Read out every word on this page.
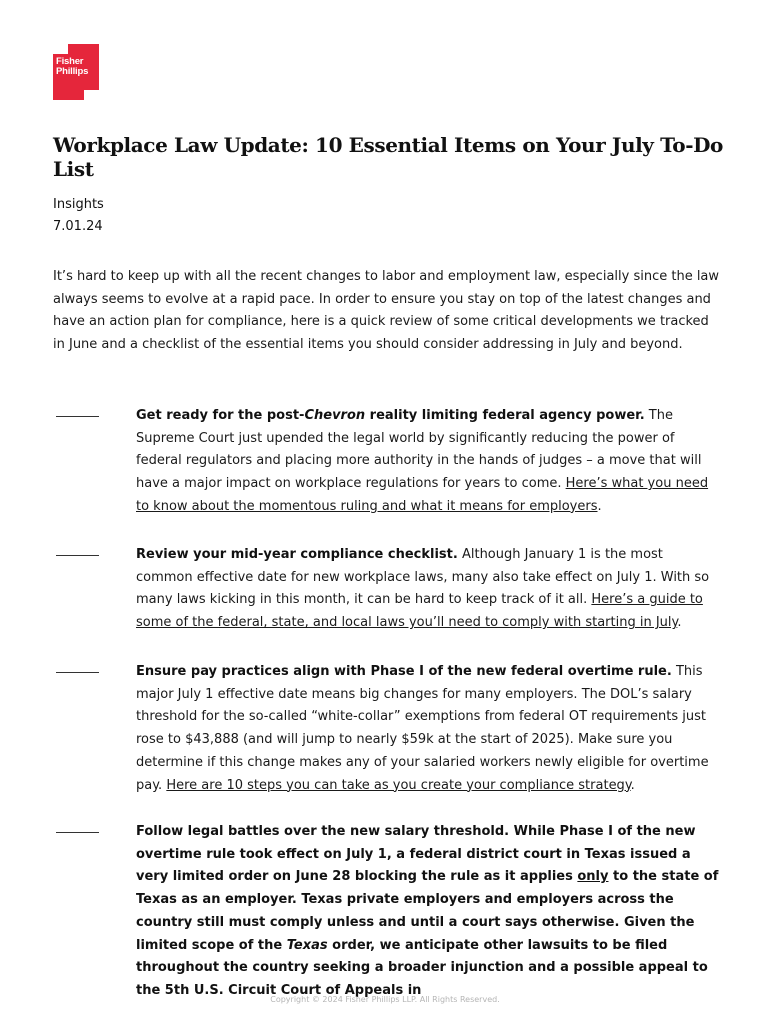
Fisher
Phillips
Workplace Law Update: 10 Essential Items on Your July To-Do List
Insights
7.01.24

It’s hard to keep up with all the recent changes to labor and employment law, especially since the law always seems to evolve at a rapid pace. In order to ensure you stay on top of the latest changes and have an action plan for compliance, here is a quick review of some critical developments we tracked in June and a checklist of the essential items you should consider addressing in July and beyond.

Get ready for the post-Chevron reality limiting federal agency power. The Supreme Court just upended the legal world by significantly reducing the power of federal regulators and placing more authority in the hands of judges – a move that will have a major impact on workplace regulations for years to come. Here’s what you need to know about the momentous ruling and what it means for employers.

Review your mid-year compliance checklist. Although January 1 is the most common effective date for new workplace laws, many also take effect on July 1. With so many laws kicking in this month, it can be hard to keep track of it all. Here’s a guide to some of the federal, state, and local laws you’ll need to comply with starting in July.

Ensure pay practices align with Phase I of the new federal overtime rule. This major July 1 effective date means big changes for many employers. The DOL’s salary threshold for the so-called “white-collar” exemptions from federal OT requirements just rose to $43,888 (and will jump to nearly $59k at the start of 2025). Make sure you determine if this change makes any of your salaried workers newly eligible for overtime pay. Here are 10 steps you can take as you create your compliance strategy.

Follow legal battles over the new salary threshold. While Phase I of the new overtime rule took effect on July 1, a federal district court in Texas issued a very limited order on June 28 blocking the rule as it applies only to the state of Texas as an employer. Texas private employers and employers across the country still must comply unless and until a court says otherwise. Given the limited scope of the Texas order, we anticipate other lawsuits to be filed throughout the country seeking a broader injunction and a possible appeal to the 5th U.S. Circuit Court of Appeals in

Copyright © 2024 Fisher Phillips LLP. All Rights Reserved.
